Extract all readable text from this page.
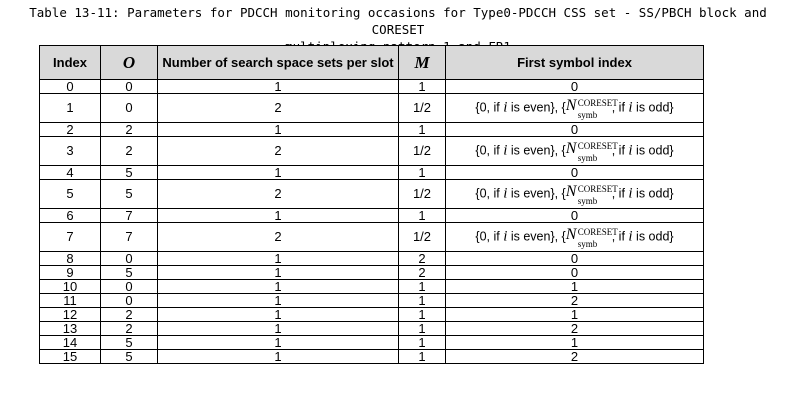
Table 13-11: Parameters for PDCCH monitoring occasions for Type0-PDCCH CSS set - SS/PBCH block and CORESET
Index	O	Number of search space sets per slot	M	First symbol index
0	0	1	1	0
1	0	2	1/2	{0, if i is even}, { N CORESET
symb
, if i is odd}
2	2	1	1	0
3	2	2	1/2	{0, if i is even}, { N CORESET
symb
, if i is odd}
4	5	1	1	0
5	5	2	1/2	{0, if i is even}, { N CORESET
symb
, if i is odd}
6	7	1	1	0
7	7	2	1/2	{0, if i is even}, { N CORESET
symb
, if i is odd}
8	0	1	2	0
9	5	1	2	0
10	0	1	1	1
11	0	1	1	2
12	2	1	1	1
13	2	1	1	2
14	5	1	1	1
15	5	1	1	2
